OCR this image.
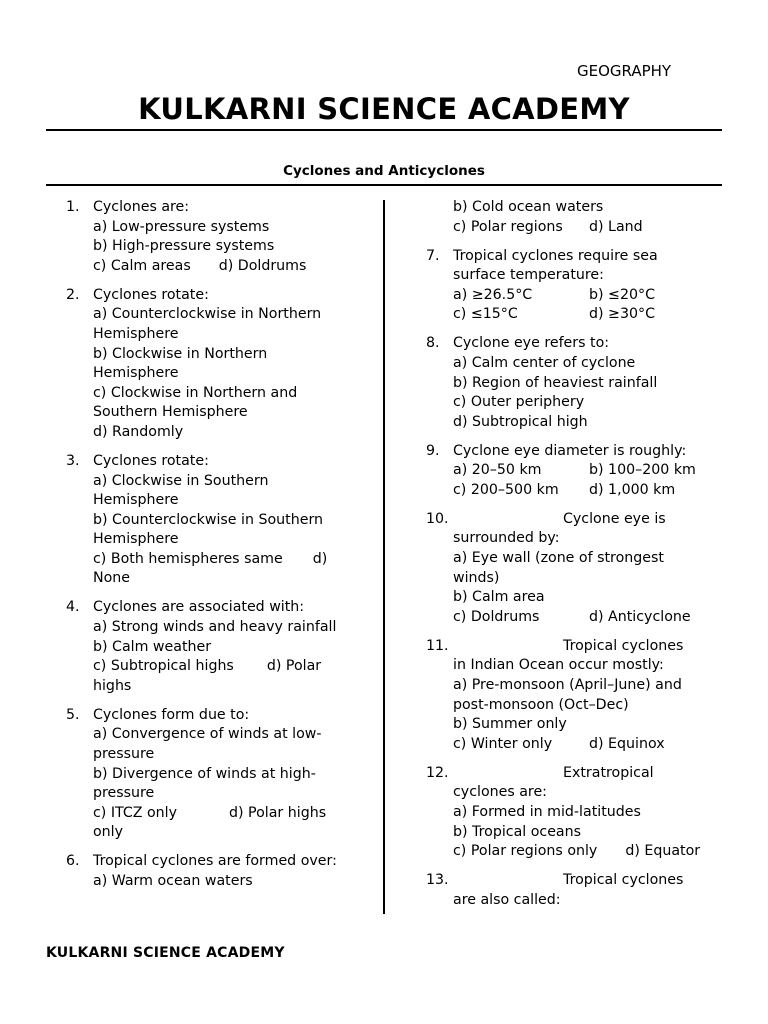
GEOGRAPHY
KULKARNI SCIENCE ACADEMY
Cyclones and Anticyclones
1. Cyclones are:
a) Low-pressure systems
b) High-pressure systems
c) Calm areas d) Doldrums
2. Cyclones rotate:
a) Counterclockwise in Northern
Hemisphere
b) Clockwise in Northern
Hemisphere
c) Clockwise in Northern and
Southern Hemisphere
d) Randomly
3. Cyclones rotate:
a) Clockwise in Southern
Hemisphere
b) Counterclockwise in Southern
Hemisphere
c) Both hemispheres same d)
None
4. Cyclones are associated with:
a) Strong winds and heavy rainfall
b) Calm weather
c) Subtropical highs d) Polar
highs
5. Cyclones form due to:
a) Convergence of winds at low-
pressure
b) Divergence of winds at high-
pressure
c) ITCZ only	d) Polar highs
only
6. Tropical cyclones are formed over:
a) Warm ocean waters
b) Cold ocean waters
c) Polar regions	d) Land
7. Tropical cyclones require sea
surface temperature:
a) ≥26.5°C	b) ≤20°C
c) ≤15°C	d) ≥30°C
8. Cyclone eye refers to:
a) Calm center of cyclone
b) Region of heaviest rainfall
c) Outer periphery
d) Subtropical high
9. Cyclone eye diameter is roughly:
a) 20–50 km	b) 100–200 km
c) 200–500 km	d) 1,000 km
10.	Cyclone eye is
surrounded by:
a) Eye wall (zone of strongest
winds)
b) Calm area
c) Doldrums	d) Anticyclone
11.	Tropical cyclones
in Indian Ocean occur mostly:
a) Pre-monsoon (April–June) and
post-monsoon (Oct–Dec)
b) Summer only
c) Winter only	d) Equinox
12.	Extratropical
cyclones are:
a) Formed in mid-latitudes
b) Tropical oceans
c) Polar regions only d) Equator
13.	Tropical cyclones
are also called:
KULKARNI SCIENCE ACADEMY
